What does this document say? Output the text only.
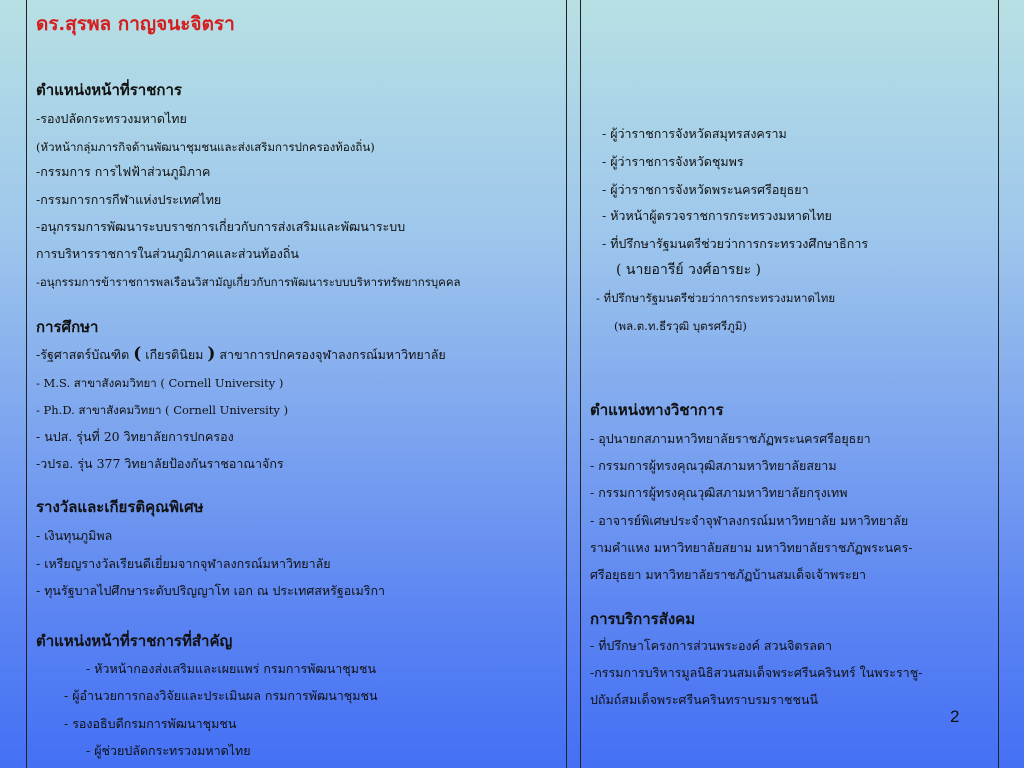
ดร.สุรพล กาญจนะจิตรา
ตำแหน่งหน้าที่ราชการ
-รองปลัดกระทรวงมหาดไทย
(หัวหน้ากลุ่มภารกิจด้านพัฒนาชุมชนและส่งเสริมการปกครองท้องถิ่น)
-กรรมการ การไฟฟ้าส่วนภูมิภาค
-กรรมการการกีฬาแห่งประเทศไทย
-อนุกรรมการพัฒนาระบบราชการเกี่ยวกับการส่งเสริมและพัฒนาระบบ
การบริหารราชการในส่วนภูมิภาคและส่วนท้องถิ่น
-อนุกรรมการข้าราชการพลเรือนวิสามัญเกี่ยวกับการพัฒนาระบบบริหารทรัพยากรบุคคล
การศึกษา
-รัฐศาสตร์บัณฑิต ( เกียรตินิยม ) สาขาการปกครองจุฬาลงกรณ์มหาวิทยาลัย
- M.S. สาขาสังคมวิทยา ( Cornell University )
- Ph.D. สาขาสังคมวิทยา ( Cornell University )
- นปส. รุ่นที่ 20 วิทยาลัยการปกครอง
-วปรอ. รุ่น 377 วิทยาลัยป้องกันราชอาณาจักร
รางวัลและเกียรติคุณพิเศษ
- เงินทุนภูมิพล
- เหรียญรางวัลเรียนดีเยี่ยมจากจุฬาลงกรณ์มหาวิทยาลัย
- ทุนรัฐบาลไปศึกษาระดับปริญญาโท เอก ณ ประเทศสหรัฐอเมริกา
ตำแหน่งหน้าที่ราชการที่สำคัญ
- หัวหน้ากองส่งเสริมและเผยแพร่ กรมการพัฒนาชุมชน
- ผู้อำนวยการกองวิจัยและประเมินผล กรมการพัฒนาชุมชน
- รองอธิบดีกรมการพัฒนาชุมชน
- ผู้ช่วยปลัดกระทรวงมหาดไทย
- ผู้ว่าราชการจังหวัดสมุทรสงคราม
- ผู้ว่าราชการจังหวัดชุมพร
- ผู้ว่าราชการจังหวัดพระนครศรีอยุธยา
- หัวหน้าผู้ตรวจราชการกระทรวงมหาดไทย
- ที่ปรึกษารัฐมนตรีช่วยว่าการกระทรวงศึกษาธิการ
( นายอารีย์ วงศ์อารยะ )
- ที่ปรึกษารัฐมนตรีช่วยว่าการกระทรวงมหาดไทย
(พล.ต.ท.ธีรวุฒิ บุตรศรีภูมิ)
ตำแหน่งทางวิชาการ
- อุปนายกสภามหาวิทยาลัยราชภัฏพระนครศรีอยุธยา
- กรรมการผู้ทรงคุณวุฒิสภามหาวิทยาลัยสยาม
- กรรมการผู้ทรงคุณวุฒิสภามหาวิทยาลัยกรุงเทพ
- อาจารย์พิเศษประจำจุฬาลงกรณ์มหาวิทยาลัย มหาวิทยาลัย
รามคำแหง มหาวิทยาลัยสยาม มหาวิทยาลัยราชภัฏพระนคร-
ศรีอยุธยา มหาวิทยาลัยราชภัฏบ้านสมเด็จเจ้าพระยา
การบริการสังคม
- ที่ปรึกษาโครงการส่วนพระองค์ สวนจิตรลดา
-กรรมการบริหารมูลนิธิสวนสมเด็จพระศรีนครินทร์ ในพระราชู-
ปถัมถ์สมเด็จพระศรีนครินทราบรมราชชนนี
2
